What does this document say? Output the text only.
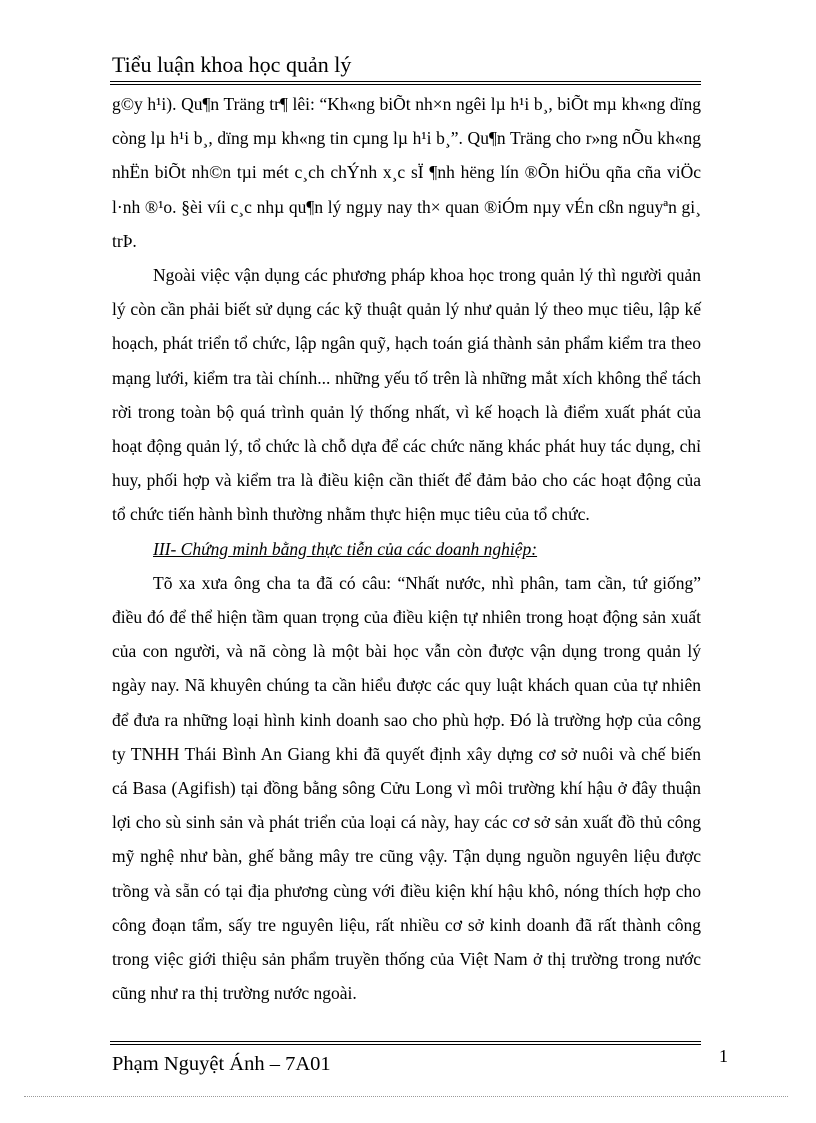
Tiểu luận khoa học quản lý

g©y h¹i). Qu¶n Träng tr¶ lêi: “Kh«ng biÕt nh×n ngêi lµ h¹i b¸, biÕt mµ kh«ng dïng còng lµ h¹i b¸, dïng mµ kh«ng tin cµng lµ h¹i b¸”. Qu¶n Träng cho r»ng nÕu kh«ng nhËn biÕt nh©n tµi mét c¸ch chÝnh x¸c sÏ ¶nh hëng lín ®Õn hiÖu qña cña viÖc l·nh ®¹o. §èi víi c¸c nhµ qu¶n lý ngµy nay th× quan ®iÓm nµy vÉn cßn nguyªn gi¸ trÞ.

Ngoài việc vận dụng các phương pháp khoa học trong quản lý thì người quản lý còn cần phải biết sử dụng các kỹ thuật quản lý như quản lý theo mục tiêu, lập kế hoạch, phát triển tổ chức, lập ngân quỹ, hạch toán giá thành sản phẩm kiểm tra theo mạng lưới, kiểm tra tài chính... những yếu tố trên là những mắt xích không thể tách rời trong toàn bộ quá trình quản lý thống nhất, vì kế hoạch là điểm xuất phát của hoạt động quản lý, tổ chức là chỗ dựa để các chức năng khác phát huy tác dụng, chỉ huy, phối hợp và kiểm tra là điều kiện cần thiết để đảm bảo cho các hoạt động của tổ chức tiến hành bình thường nhằm thực hiện mục tiêu của tổ chức.

III- Chứng minh bằng thực tiễn của các doanh nghiệp:

Tõ xa xưa ông cha ta đã có câu: “Nhất nước, nhì phân, tam cần, tứ giống” điều đó để thể hiện tầm quan trọng của điều kiện tự nhiên trong hoạt động sản xuất của con người, và nã còng là một bài học vẫn còn được vận dụng trong quản lý ngày nay. Nã khuyên chúng ta cần hiểu được các quy luật khách quan của tự nhiên để đưa ra những loại hình kinh doanh sao cho phù hợp. Đó là trường hợp của công ty TNHH Thái Bình An Giang khi đã quyết định xây dựng cơ sở nuôi và chế biến cá Basa (Agifish) tại đồng bằng sông Cửu Long vì môi trường khí hậu ở đây thuận lợi cho sù sinh sản và phát triển của loại cá này, hay các cơ sở sản xuất đồ thủ công mỹ nghệ như bàn, ghế bằng mây tre cũng vậy. Tận dụng nguồn nguyên liệu được trồng và sẵn có tại địa phương cùng với điều kiện khí hậu khô, nóng thích hợp cho công đoạn tẩm, sấy tre nguyên liệu, rất nhiều cơ sở kinh doanh đã rất thành công trong việc giới thiệu sản phẩm truyền thống của Việt Nam ở thị trường trong nước cũng như ra thị trường nước ngoài.

Phạm Nguyệt Ánh – 7A01	1
